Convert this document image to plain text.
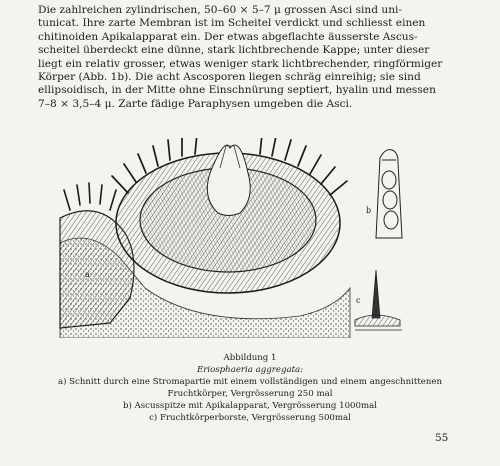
Die zahlreichen zylindrischen, 50–60 × 5–7 μ grossen Asci sind uni-
tunicat. Ihre zarte Membran ist im Scheitel verdickt und schliesst einen
chitinoiden Apikalapparat ein. Der etwas abgeflachte äusserste Ascus-
scheitel überdeckt eine dünne, stark lichtbrechende Kappe; unter dieser
liegt ein relativ grosser, etwas weniger stark lichtbrechender, ringförmiger
Körper (Abb. 1b). Die acht Ascosporen liegen schräg einreihig; sie sind
ellipsoidisch, in der Mitte ohne Einschnürung septiert, hyalin und messen
7–8 × 3,5–4 μ. Zarte fädige Paraphysen umgeben die Asci.

a
b
c
Abbildung 1
Eriosphaeria aggregata:
a) Schnitt durch eine Stromapartie mit einem vollständigen und einem angeschnittenen
Fruchtkörper, Vergrösserung 250 mal
b) Ascusspitze mit Apikalapparat, Vergrösserung 1000mal
c) Fruchtkörperborste, Vergrösserung 500mal
55
